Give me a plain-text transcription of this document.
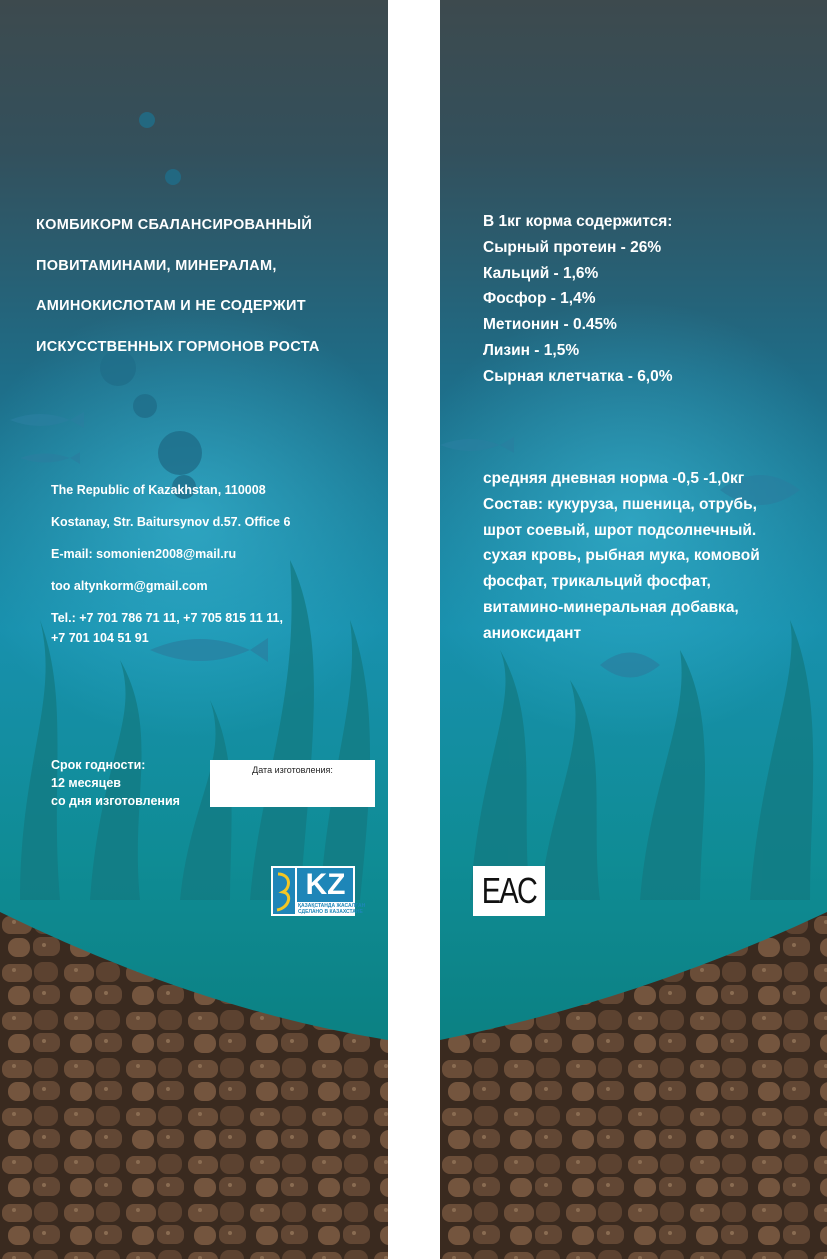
КОМБИКОРМ СБАЛАНСИРОВАННЫЙ
ПОВИТАМИНАМИ, МИНЕРАЛАМ,
АМИНОКИСЛОТАМ И НЕ СОДЕРЖИТ
ИСКУССТВЕННЫХ ГОРМОНОВ РОСТА
The Republic of Kazakhstan, 110008
Kostanay, Str. Baitursynov d.57. Office 6
E-mail: somonien2008@mail.ru
too altynkorm@gmail.com
Tel.: +7 701 786 71 11, +7 705 815 11 11,
+7 701 104 51 91
Срок годности:
12 месяцев
со дня изготовления
Дата изготовления:
KZ
ҚАЗАҚСТАНДА ЖАСАЛҒАН
СДЕЛАНО В КАЗАХСТАНЕ
В 1кг корма содержится:
Сырный протеин - 26%
Кальций - 1,6%
Фосфор - 1,4%
Метионин - 0.45%
Лизин - 1,5%
Сырная клетчатка - 6,0%
средняя дневная норма -0,5 -1,0кг
Состав: кукуруза, пшеница, отрубь,
шрот соевый, шрот подсолнечный.
сухая кровь, рыбная мука, комовой
фосфат, трикальций фосфат,
витамино-минеральная добавка,
аниоксидант
EAC
